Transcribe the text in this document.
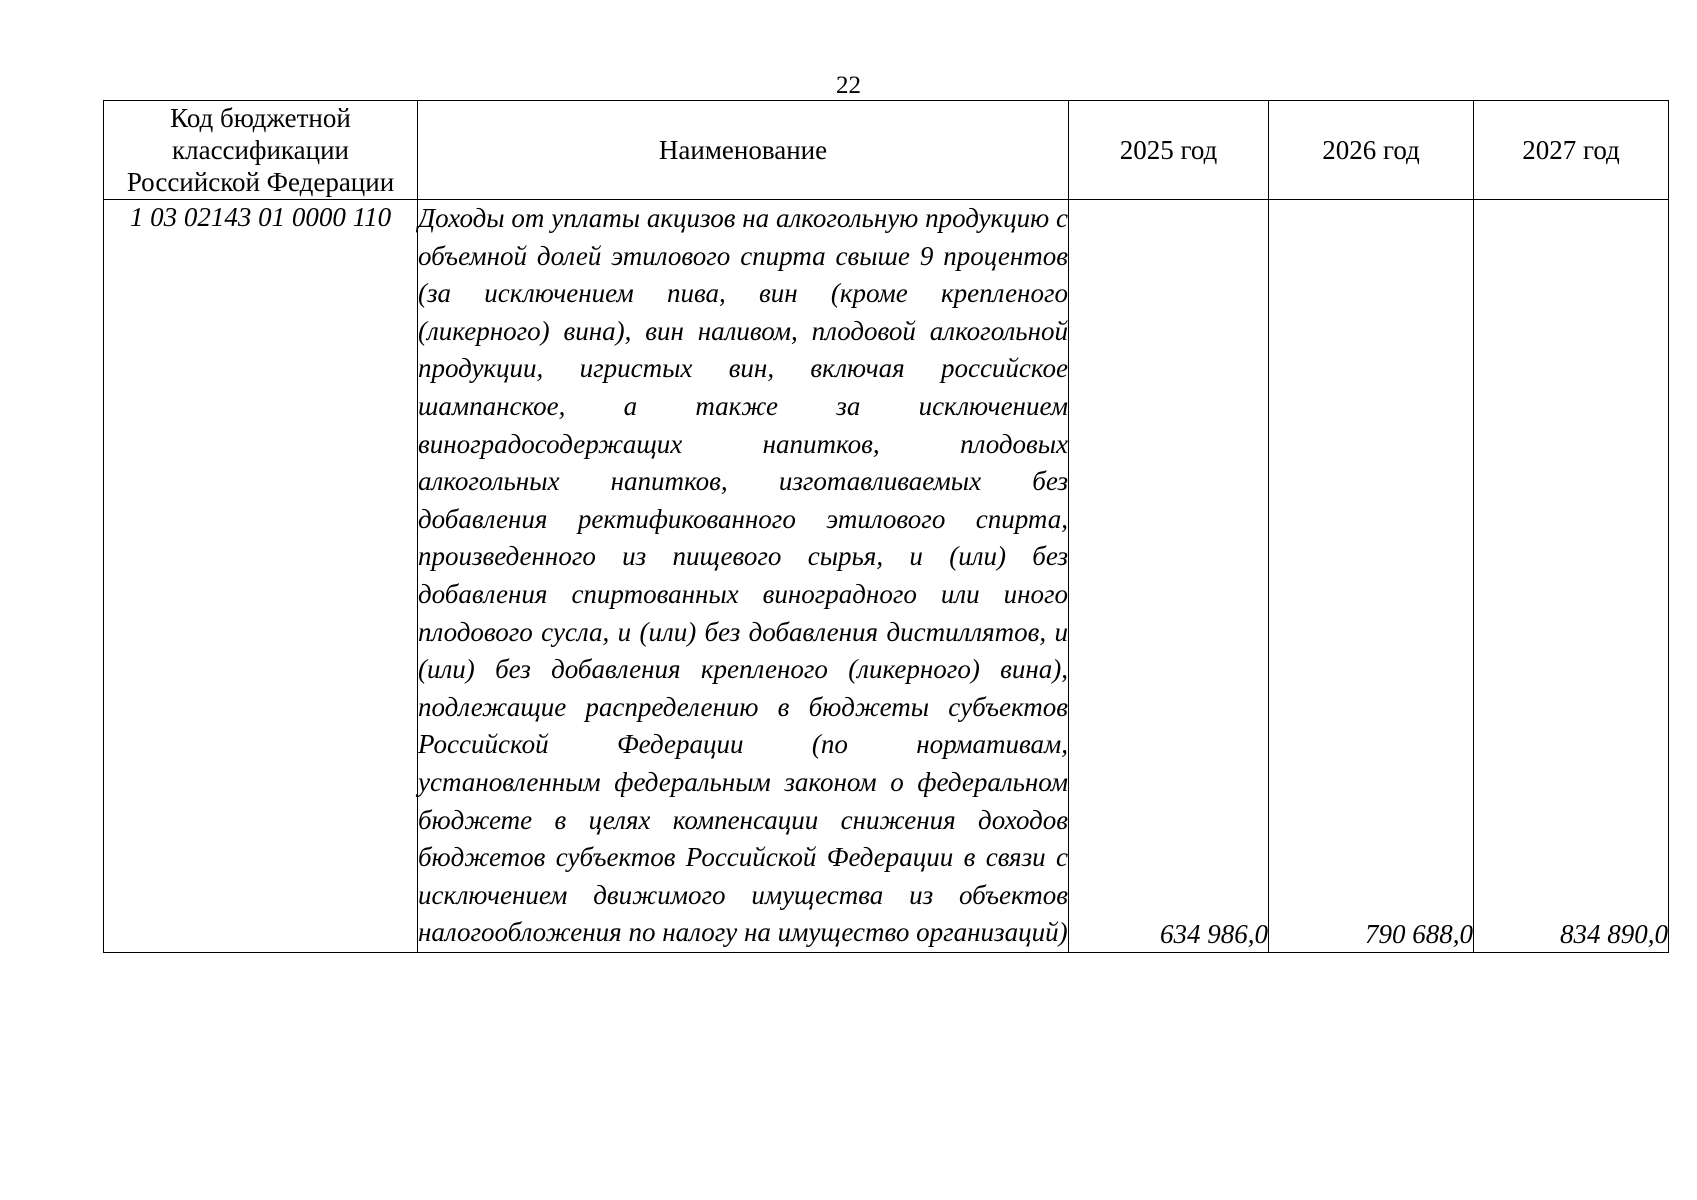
22
Код бюджетной классификации Российской Федерации	Наименование	2025 год	2026 год	2027 год
1 03 02143 01 0000 110	Доходы от уплаты акцизов на алкогольную продукцию с объемной долей этилового спирта свыше 9 процентов (за исключением пива, вин (кроме крепленого (ликерного) вина), вин наливом, плодовой алкогольной продукции, игристых вин, включая российское шампанское, а также за исключением виноградосодержащих напитков, плодовых алкогольных напитков, изготавливаемых без добавления ректификованного этилового спирта, произведенного из пищевого сырья, и (или) без добавления спиртованных виноградного или иного плодового сусла, и (или) без добавления дистиллятов, и (или) без добавления крепленого (ликерного) вина), подлежащие распределению в бюджеты субъектов Российской Федерации (по нормативам, установленным федеральным законом о федеральном бюджете в целях компенсации снижения доходов бюджетов субъектов Российской Федерации в связи с исключением движимого имущества из объектов налогообложения по налогу на имущество организаций)	634 986,0	790 688,0	834 890,0
